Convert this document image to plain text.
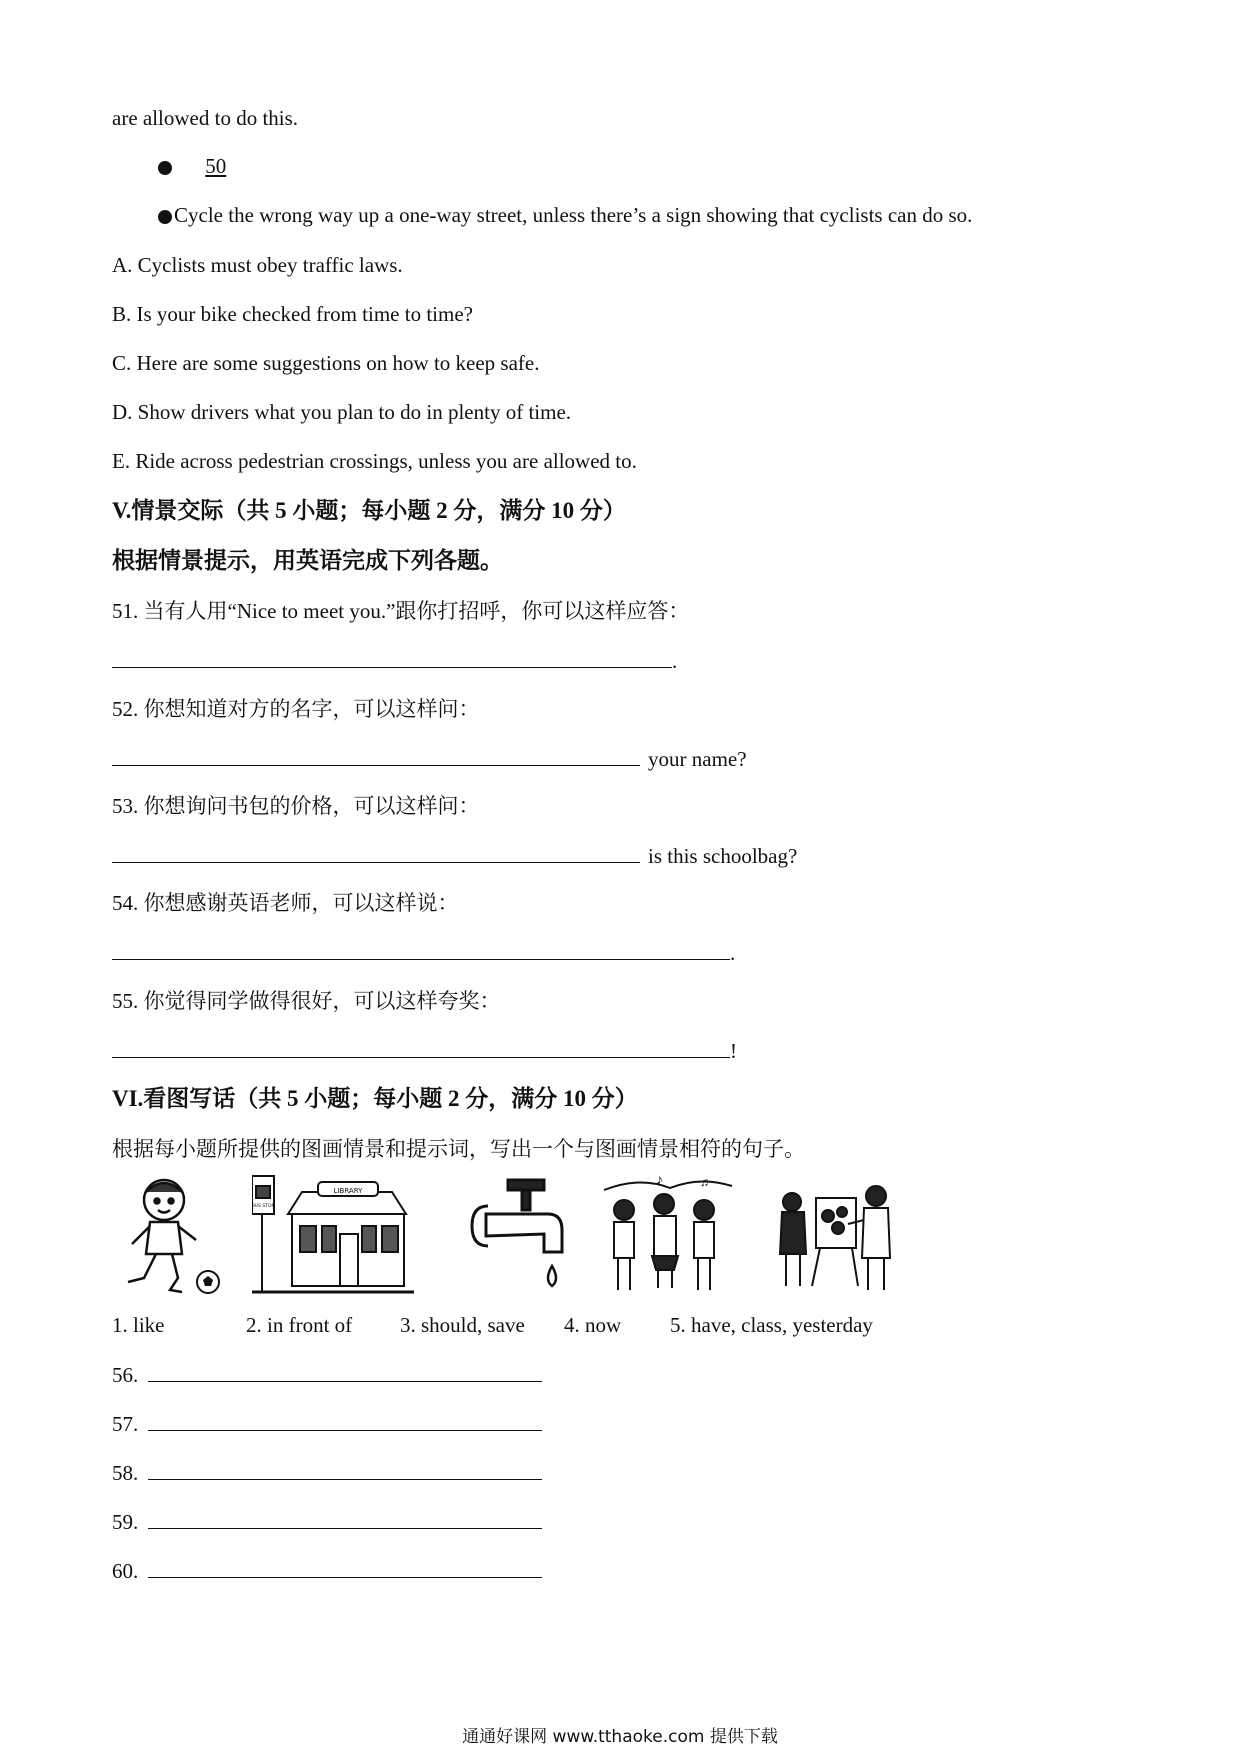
are allowed to do this.
50
Cycle the wrong way up a one-way street, unless there’s a sign showing that cyclists can do so.
A. Cyclists must obey traffic laws.
B. Is your bike checked from time to time?
C. Here are some suggestions on how to keep safe.
D. Show drivers what you plan to do in plenty of time.
E. Ride across pedestrian crossings, unless you are allowed to.
V.情景交际（共 5 小题；每小题 2 分，满分 10 分）
根据情景提示，用英语完成下列各题。
51. 当有人用“Nice to meet you.”跟你打招呼，你可以这样应答：
.
52. 你想知道对方的名字，可以这样问：
your name?
53. 你想询问书包的价格，可以这样问：
is this schoolbag?
54. 你想感谢英语老师，可以这样说：
.
55. 你觉得同学做得很好，可以这样夸奖：
!
VI.看图写话（共 5 小题；每小题 2 分，满分 10 分）
根据每小题所提供的图画情景和提示词，写出一个与图画情景相符的句子。
LIBRARY
BUS STOP
♪	♫
1. like	2. in front of 3. should, save 4. now 5. have, class, yesterday
56.
57.
58.
59.
60.
通通好课网 www.tthaoke.com 提供下载
